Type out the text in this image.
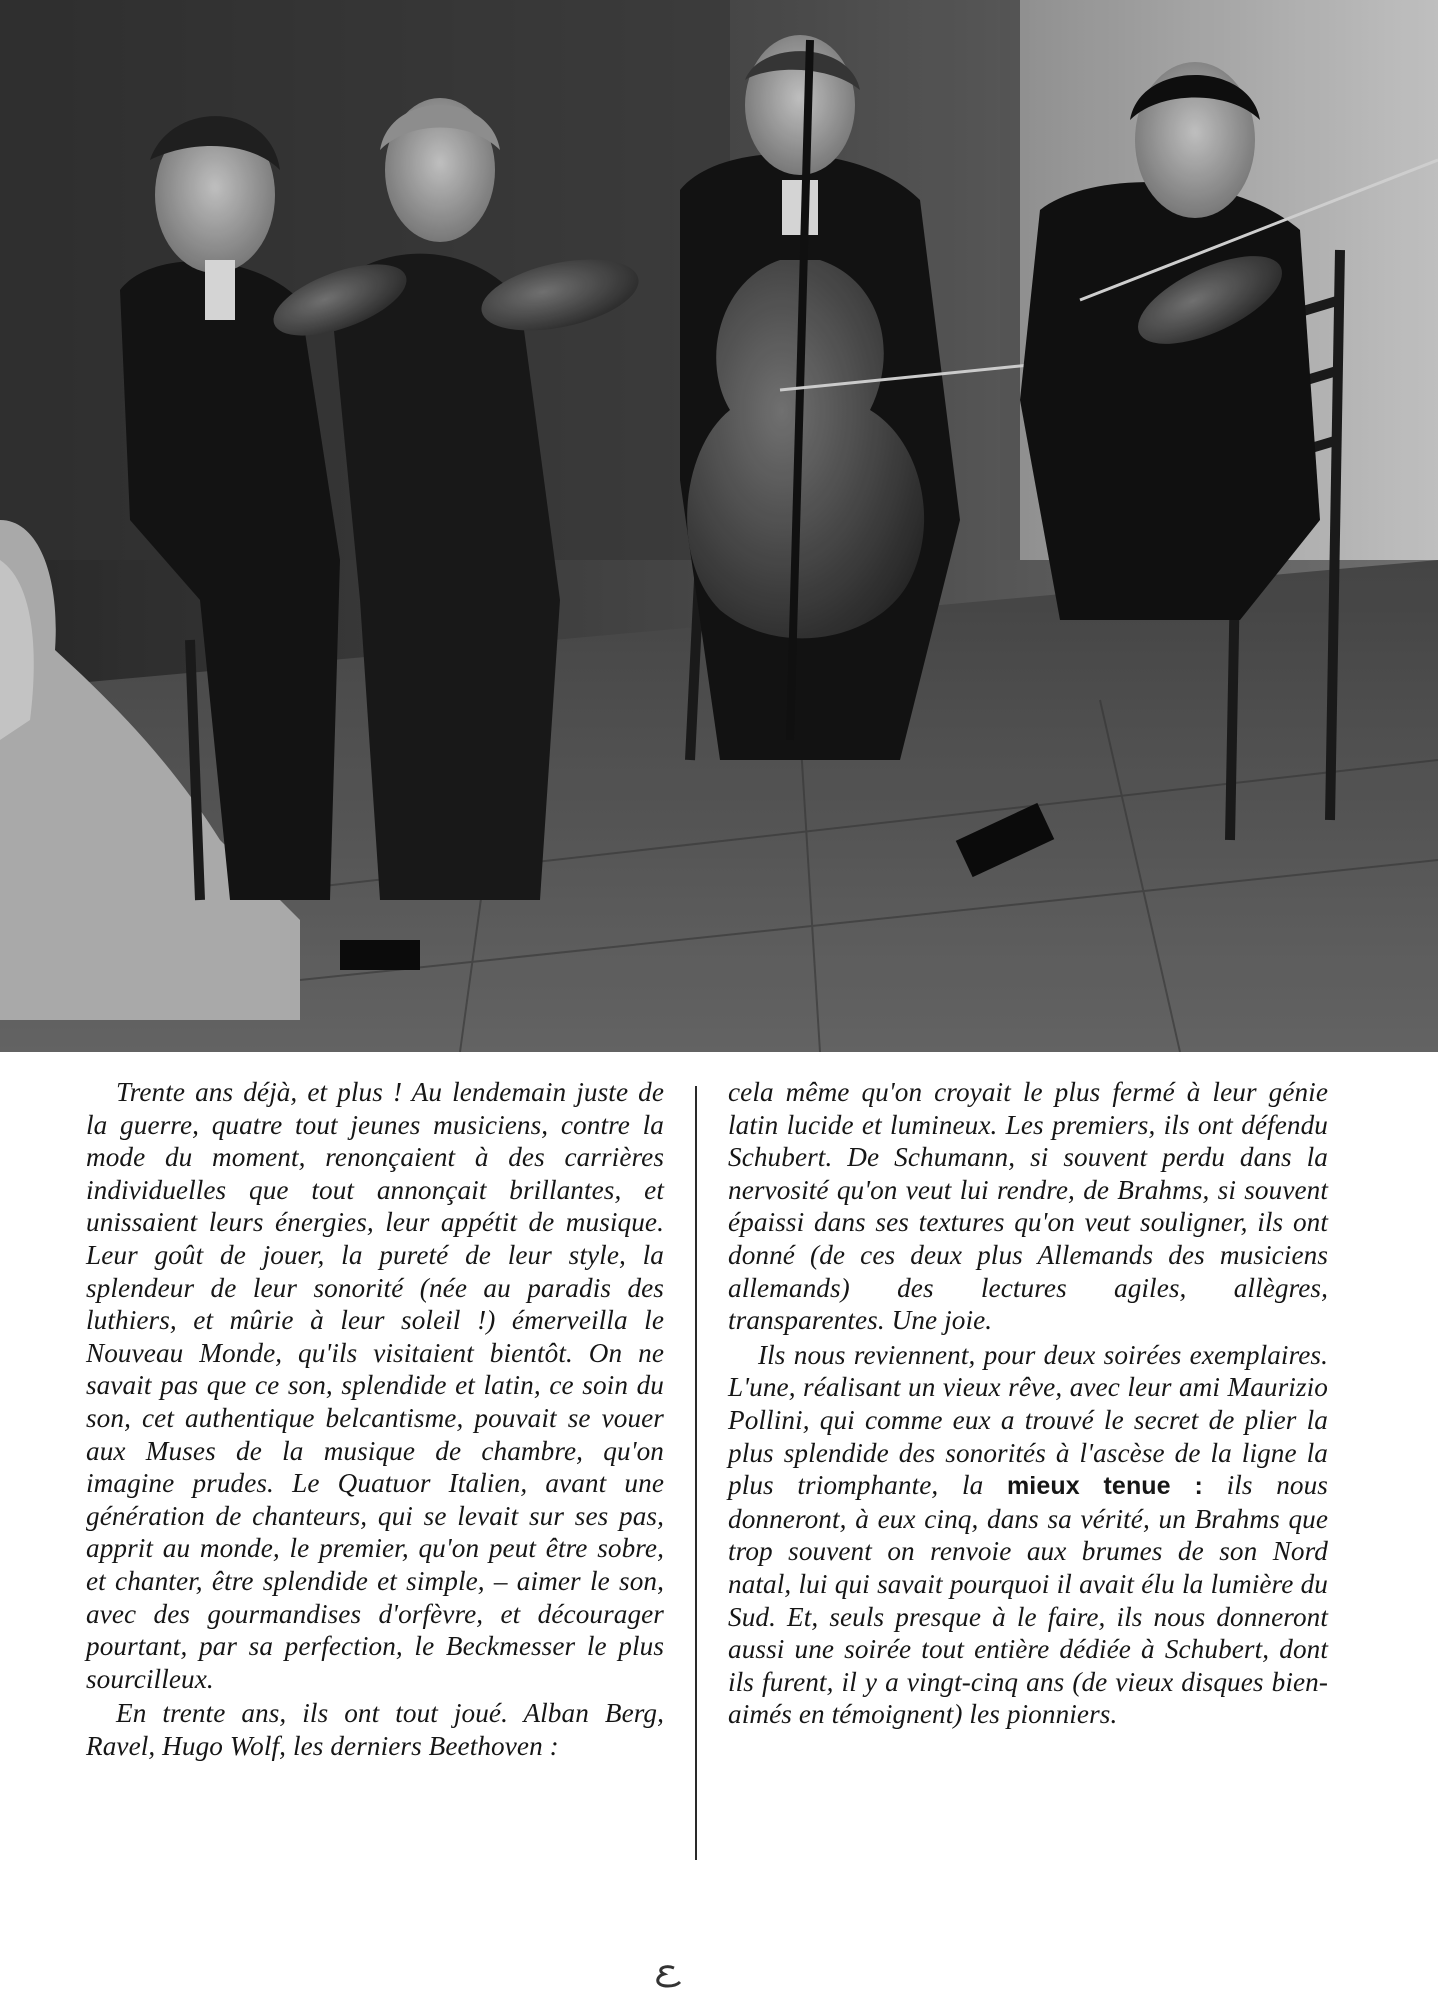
Trente ans déjà, et plus ! Au lendemain juste de la guerre, quatre tout jeunes musiciens, contre la mode du moment, renonçaient à des carrières individuelles que tout annonçait brillantes, et unissaient leurs énergies, leur appétit de musique. Leur goût de jouer, la pureté de leur style, la splendeur de leur sonorité (née au paradis des luthiers, et mûrie à leur soleil !) émerveilla le Nouveau Monde, qu'ils visitaient bientôt. On ne savait pas que ce son, splendide et latin, ce soin du son, cet authentique belcantisme, pouvait se vouer aux Muses de la musique de chambre, qu'on imagine prudes. Le Quatuor Italien, avant une génération de chanteurs, qui se levait sur ses pas, apprit au monde, le premier, qu'on peut être sobre, et chanter, être splendide et simple, – aimer le son, avec des gourmandises d'orfèvre, et décourager pourtant, par sa perfection, le Beckmesser le plus sourcilleux.

En trente ans, ils ont tout joué. Alban Berg, Ravel, Hugo Wolf, les derniers Beethoven :

cela même qu'on croyait le plus fermé à leur génie latin lucide et lumineux. Les premiers, ils ont défendu Schubert. De Schumann, si souvent perdu dans la nervosité qu'on veut lui rendre, de Brahms, si souvent épaissi dans ses textures qu'on veut souligner, ils ont donné (de ces deux plus Allemands des musiciens allemands) des lectures agiles, allègres, transparentes. Une joie.

Ils nous reviennent, pour deux soirées exemplaires. L'une, réalisant un vieux rêve, avec leur ami Maurizio Pollini, qui comme eux a trouvé le secret de plier la plus splendide des sonorités à l'ascèse de la ligne la plus triomphante, la mieux tenue : ils nous donneront, à eux cinq, dans sa vérité, un Brahms que trop souvent on renvoie aux brumes de son Nord natal, lui qui savait pourquoi il avait élu la lumière du Sud. Et, seuls presque à le faire, ils nous donneront aussi une soirée tout entière dédiée à Schubert, dont ils furent, il y a vingt-cinq ans (de vieux disques bien-aimés en témoignent) les pionniers.
